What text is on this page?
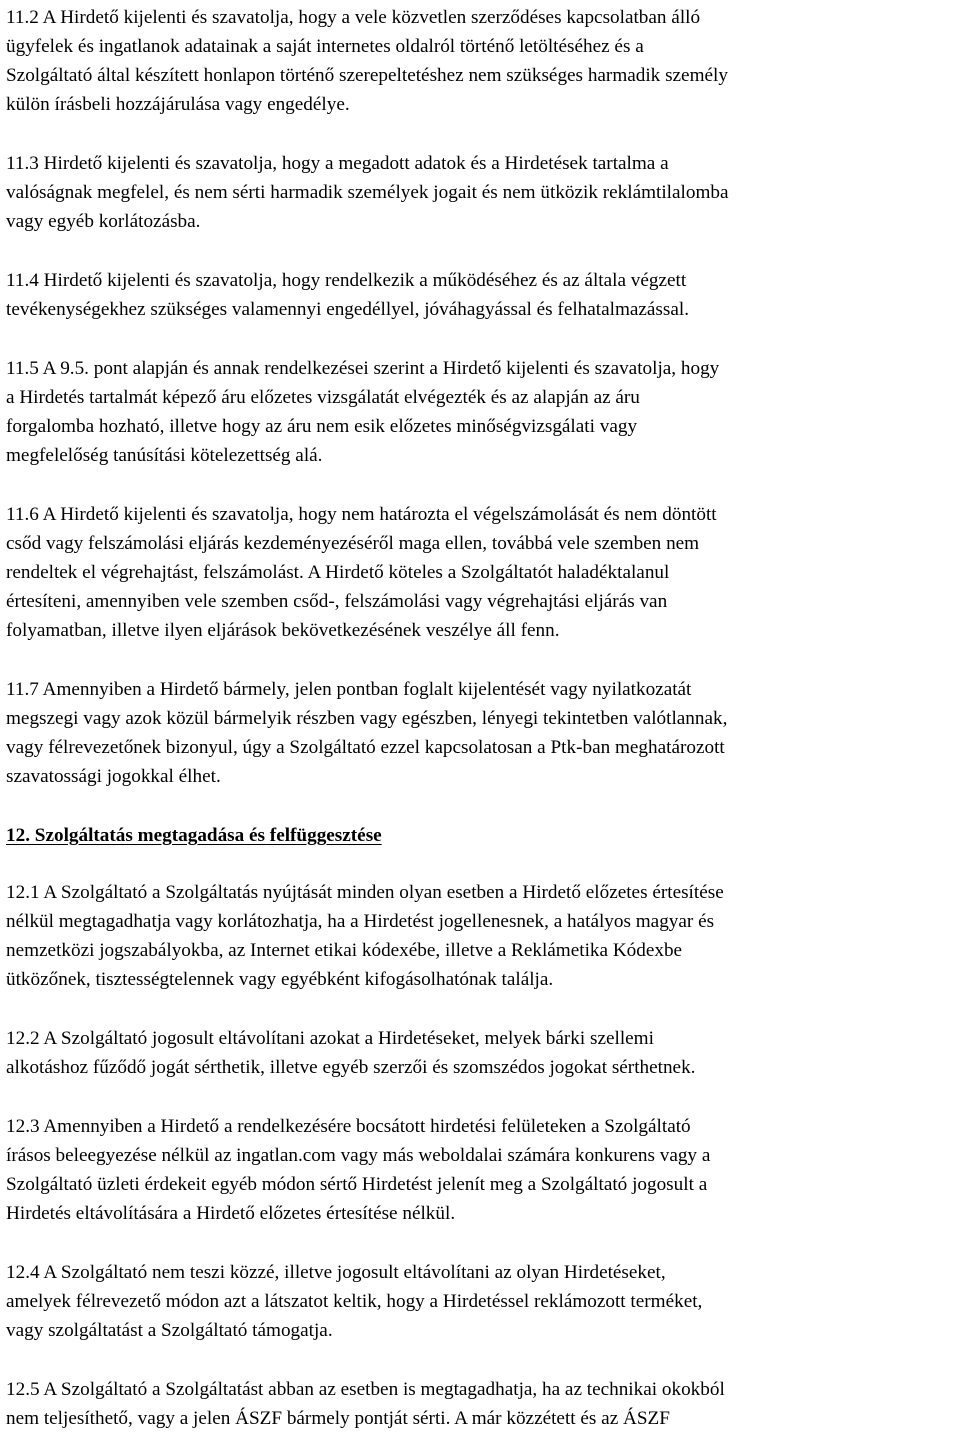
11.2 A Hirdető kijelenti és szavatolja, hogy a vele közvetlen szerződéses kapcsolatban álló
ügyfelek és ingatlanok adatainak a saját internetes oldalról történő letöltéséhez és a
Szolgáltató által készített honlapon történő szerepeltetéshez nem szükséges harmadik személy
külön írásbeli hozzájárulása vagy engedélye.
11.3 Hirdető kijelenti és szavatolja, hogy a megadott adatok és a Hirdetések tartalma a
valóságnak megfelel, és nem sérti harmadik személyek jogait és nem ütközik reklámtilalomba
vagy egyéb korlátozásba.
11.4 Hirdető kijelenti és szavatolja, hogy rendelkezik a működéséhez és az általa végzett
tevékenységekhez szükséges valamennyi engedéllyel, jóváhagyással és felhatalmazással.
11.5 A 9.5. pont alapján és annak rendelkezései szerint a Hirdető kijelenti és szavatolja, hogy
a Hirdetés tartalmát képező áru előzetes vizsgálatát elvégezték és az alapján az áru
forgalomba hozható, illetve hogy az áru nem esik előzetes minőségvizsgálati vagy
megfelelőség tanúsítási kötelezettség alá.
11.6 A Hirdető kijelenti és szavatolja, hogy nem határozta el végelszámolását és nem döntött
csőd vagy felszámolási eljárás kezdeményezéséről maga ellen, továbbá vele szemben nem
rendeltek el végrehajtást, felszámolást. A Hirdető köteles a Szolgáltatót haladéktalanul
értesíteni, amennyiben vele szemben csőd-, felszámolási vagy végrehajtási eljárás van
folyamatban, illetve ilyen eljárások bekövetkezésének veszélye áll fenn.
11.7 Amennyiben a Hirdető bármely, jelen pontban foglalt kijelentését vagy nyilatkozatát
megszegi vagy azok közül bármelyik részben vagy egészben, lényegi tekintetben valótlannak,
vagy félrevezetőnek bizonyul, úgy a Szolgáltató ezzel kapcsolatosan a Ptk-ban meghatározott
szavatossági jogokkal élhet.
12. Szolgáltatás megtagadása és felfüggesztése
12.1 A Szolgáltató a Szolgáltatás nyújtását minden olyan esetben a Hirdető előzetes értesítése
nélkül megtagadhatja vagy korlátozhatja, ha a Hirdetést jogellenesnek, a hatályos magyar és
nemzetközi jogszabályokba, az Internet etikai kódexébe, illetve a Reklámetika Kódexbe
ütközőnek, tisztességtelennek vagy egyébként kifogásolhatónak találja.
12.2 A Szolgáltató jogosult eltávolítani azokat a Hirdetéseket, melyek bárki szellemi
alkotáshoz fűződő jogát sérthetik, illetve egyéb szerzői és szomszédos jogokat sérthetnek.
12.3 Amennyiben a Hirdető a rendelkezésére bocsátott hirdetési felületeken a Szolgáltató
írásos beleegyezése nélkül az ingatlan.com vagy más weboldalai számára konkurens vagy a
Szolgáltató üzleti érdekeit egyéb módon sértő Hirdetést jelenít meg a Szolgáltató jogosult a
Hirdetés eltávolítására a Hirdető előzetes értesítése nélkül.
12.4 A Szolgáltató nem teszi közzé, illetve jogosult eltávolítani az olyan Hirdetéseket,
amelyek félrevezető módon azt a látszatot keltik, hogy a Hirdetéssel reklámozott terméket,
vagy szolgáltatást a Szolgáltató támogatja.
12.5 A Szolgáltató a Szolgáltatást abban az esetben is megtagadhatja, ha az technikai okokból
nem teljesíthető, vagy a jelen ÁSZF bármely pontját sérti. A már közzétett és az ÁSZF
